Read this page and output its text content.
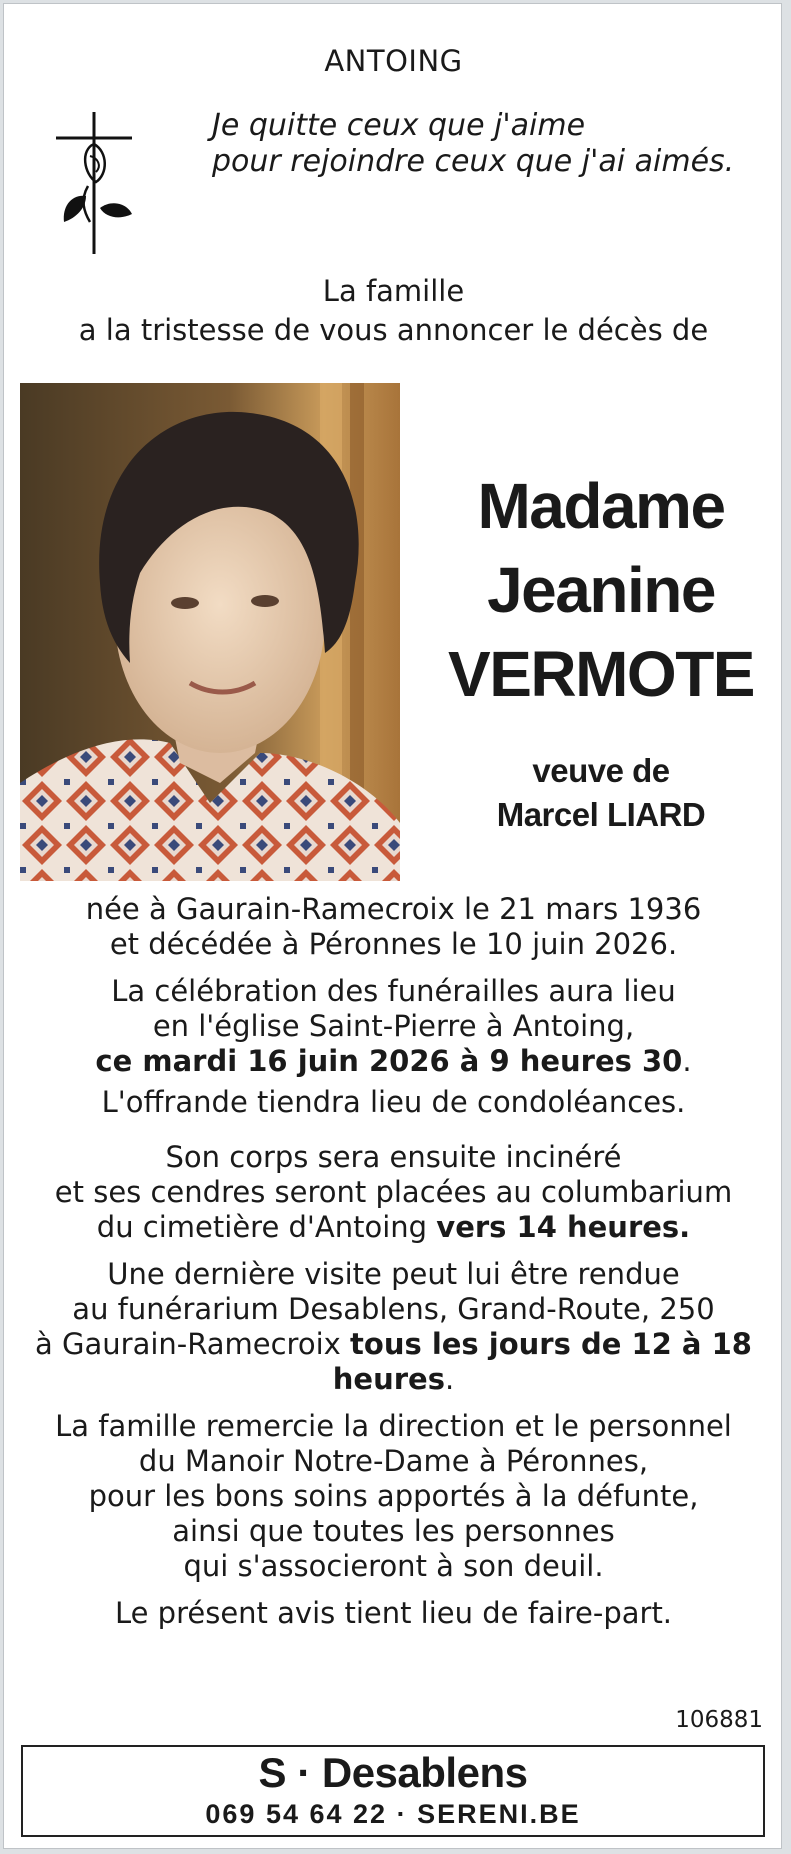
ANTOING
Je quitte ceux que j'aime
pour rejoindre ceux que j'ai aimés.
La famille
a la tristesse de vous annoncer le décès de
Madame
Jeanine
VERMOTE
veuve de
Marcel LIARD

née à Gaurain-Ramecroix le 21 mars 1936
et décédée à Péronnes le 10 juin 2026.

La célébration des funérailles aura lieu
en l'église Saint-Pierre à Antoing,
ce mardi 16 juin 2026 à 9 heures 30.

L'offrande tiendra lieu de condoléances.

Son corps sera ensuite incinéré
et ses cendres seront placées au columbarium
du cimetière d'Antoing vers 14 heures.

Une dernière visite peut lui être rendue
au funérarium Desablens, Grand-Route, 250
à Gaurain-Ramecroix tous les jours de 12 à 18 heures.

La famille remercie la direction et le personnel
du Manoir Notre-Dame à Péronnes,
pour les bons soins apportés à la défunte,
ainsi que toutes les personnes
qui s'associeront à son deuil.

Le présent avis tient lieu de faire-part.

106881
S · Desablens
069 54 64 22 · SERENI.BE
